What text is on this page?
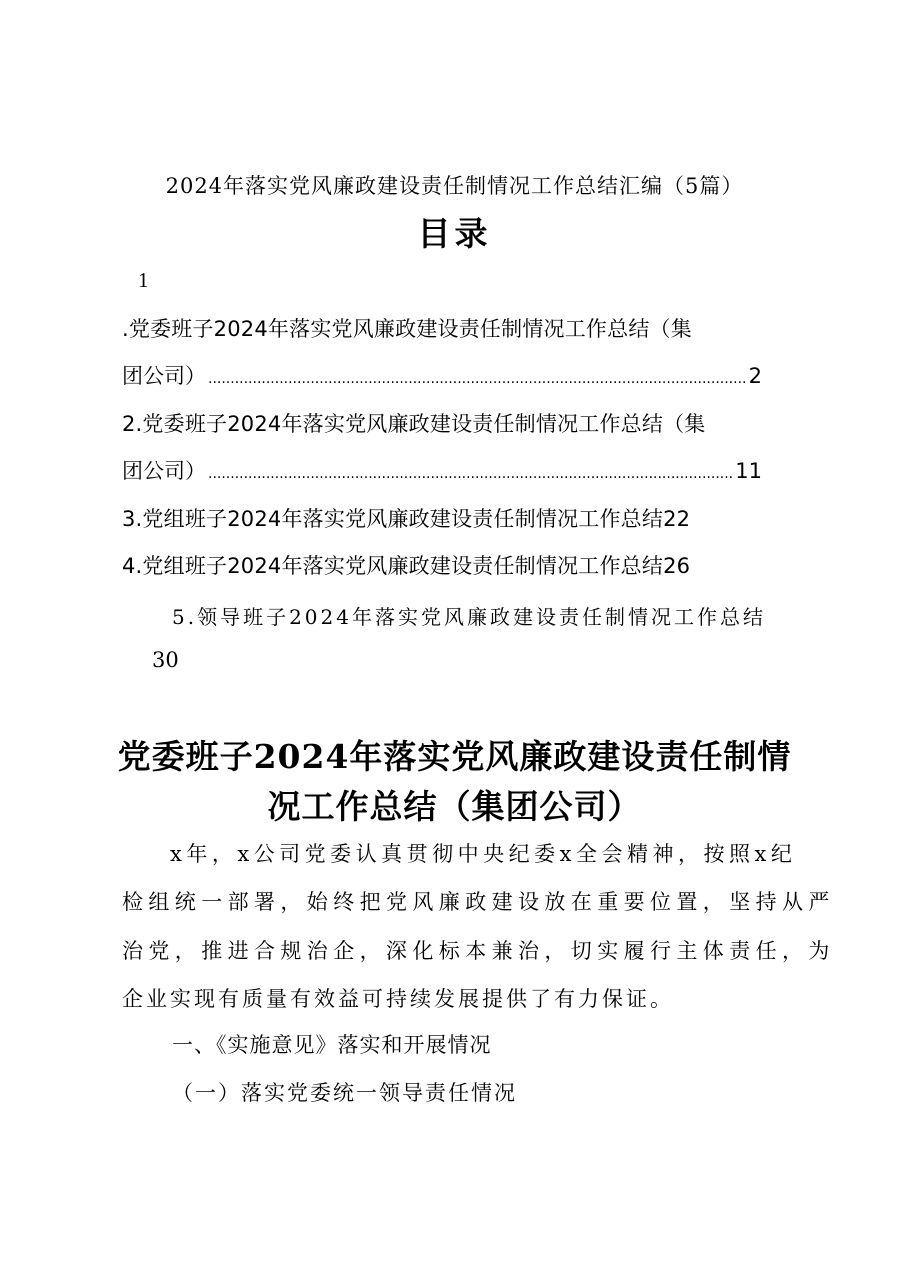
2024年落实党风廉政建设责任制情况工作总结汇编（5篇）
目录
1
.党委班子2024年落实党风廉政建设责任制情况工作总结（集
团公司） .....	2
2.党委班子2024年落实党风廉政建设责任制情况工作总结（集
团公司） .....	11
3.党组班子2024年落实党风廉政建设责任制情况工作总结22
4.党组班子2024年落实党风廉政建设责任制情况工作总结26
5.领导班子2024年落实党风廉政建设责任制情况工作总结
30
党委班子2024年落实党风廉政建设责任制情
况工作总结（集团公司）
x年，x公司党委认真贯彻中央纪委x全会精神，按照x纪
检组统一部署，始终把党风廉政建设放在重要位置，坚持从严
治党，推进合规治企，深化标本兼治，切实履行主体责任，为
企业实现有质量有效益可持续发展提供了有力保证。
一、《实施意见》落实和开展情况
（一）落实党委统一领导责任情况
